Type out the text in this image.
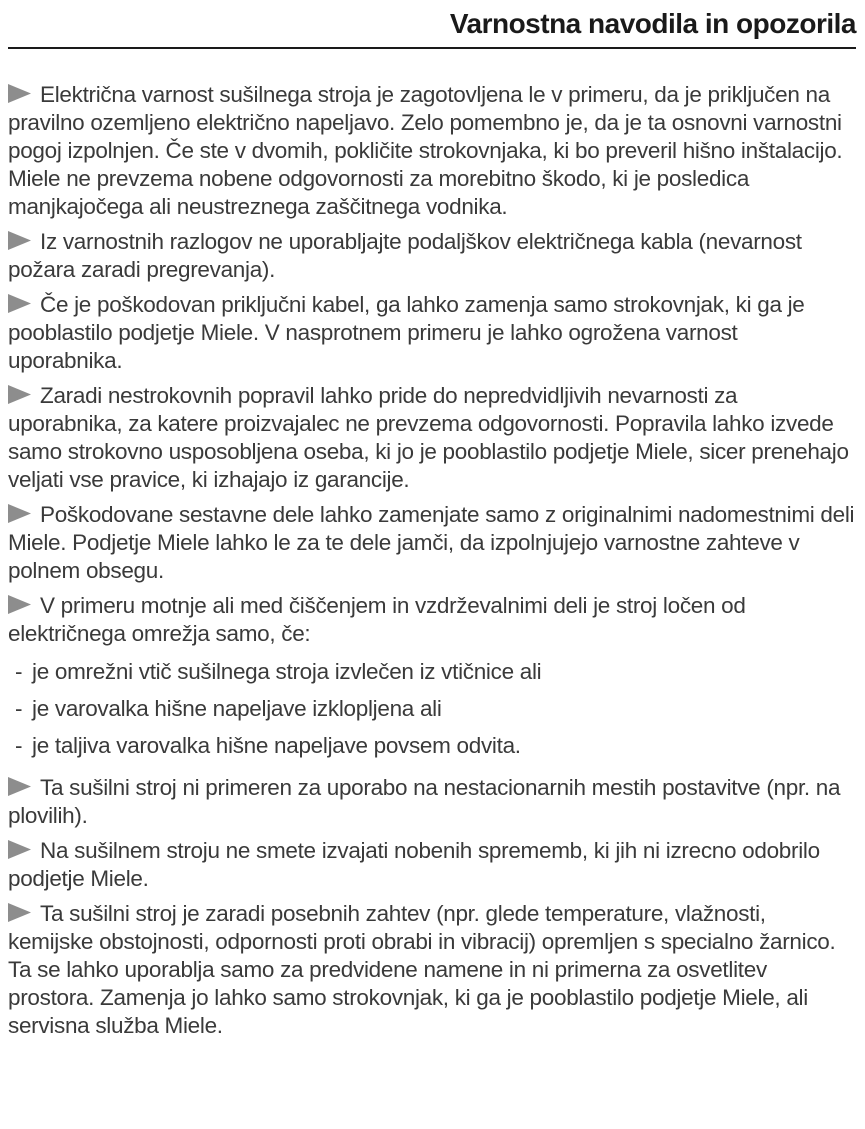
Varnostna navodila in opozorila

Električna varnost sušilnega stroja je zagotovljena le v primeru, da je priključen na pravilno ozemljeno električno napeljavo. Zelo pomembno je, da je ta osnovni varnostni pogoj izpolnjen. Če ste v dvomih, pokličite strokovnjaka, ki bo preveril hišno inštalacijo. Miele ne prevzema nobene odgovornosti za morebitno škodo, ki je posledica manjkajočega ali neustreznega zaščitnega vodnika.

Iz varnostnih razlogov ne uporabljajte podaljškov električnega kabla (nevarnost požara zaradi pregrevanja).

Če je poškodovan priključni kabel, ga lahko zamenja samo strokovnjak, ki ga je pooblastilo podjetje Miele. V nasprotnem primeru je lahko ogrožena varnost uporabnika.

Zaradi nestrokovnih popravil lahko pride do nepredvidljivih nevarnosti za uporabnika, za katere proizvajalec ne prevzema odgovornosti. Popravila lahko izvede samo strokovno usposobljena oseba, ki jo je pooblastilo podjetje Miele, sicer prenehajo veljati vse pravice, ki izhajajo iz garancije.

Poškodovane sestavne dele lahko zamenjate samo z originalnimi nadomestnimi deli Miele. Podjetje Miele lahko le za te dele jamči, da izpolnjujejo varnostne zahteve v polnem obsegu.

V primeru motnje ali med čiščenjem in vzdrževalnimi deli je stroj ločen od električnega omrežja samo, če:

- je omrežni vtič sušilnega stroja izvlečen iz vtičnice ali
- je varovalka hišne napeljave izklopljena ali
- je taljiva varovalka hišne napeljave povsem odvita.

Ta sušilni stroj ni primeren za uporabo na nestacionarnih mestih postavitve (npr. na plovilih).

Na sušilnem stroju ne smete izvajati nobenih sprememb, ki jih ni izrecno odobrilo podjetje Miele.

Ta sušilni stroj je zaradi posebnih zahtev (npr. glede temperature, vlažnosti, kemijske obstojnosti, odpornosti proti obrabi in vibracij) opremljen s specialno žarnico. Ta se lahko uporablja samo za predvidene namene in ni primerna za osvetlitev prostora. Zamenja jo lahko samo strokovnjak, ki ga je pooblastilo podjetje Miele, ali servisna služba Miele.
